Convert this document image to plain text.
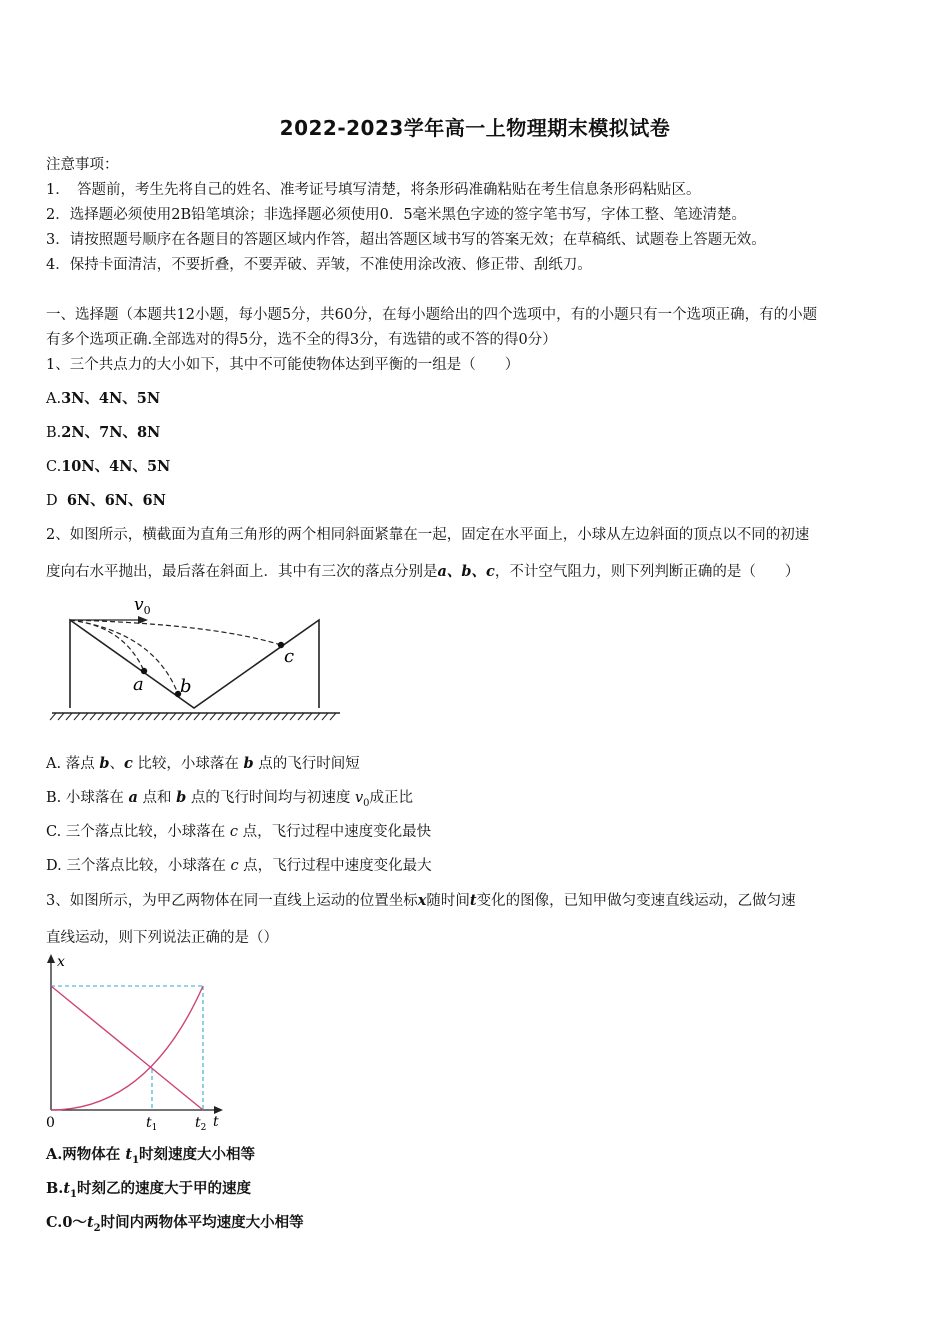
2022-2023学年高一上物理期末模拟试卷
注意事项：
1．　答题前，考生先将自己的姓名、准考证号填写清楚，将条形码准确粘贴在考生信息条形码粘贴区。
2．选择题必须使用2B铅笔填涂；非选择题必须使用0．5毫米黑色字迹的签字笔书写，字体工整、笔迹清楚。
3．请按照题号顺序在各题目的答题区域内作答，超出答题区域书写的答案无效；在草稿纸、试题卷上答题无效。
4．保持卡面清洁，不要折叠，不要弄破、弄皱，不准使用涂改液、修正带、刮纸刀。
一、选择题（本题共12小题，每小题5分，共60分，在每小题给出的四个选项中，有的小题只有一个选项正确，有的小题
有多个选项正确.全部选对的得5分，选不全的得3分，有选错的或不答的得0分）
1、三个共点力的大小如下，其中不可能使物体达到平衡的一组是（　　）
A.3N、4N、5N
B.2N、7N、8N
C.10N、4N、5N
D 6N、6N、6N
2、如图所示，横截面为直角三角形的两个相同斜面紧靠在一起，固定在水平面上，小球从左边斜面的顶点以不同的初速
度向右水平抛出，最后落在斜面上．其中有三次的落点分别是a、b、c，不计空气阻力，则下列判断正确的是（　　）
$v_0$
a b
c
A. 落点 b、c 比较，小球落在 b 点的飞行时间短
B. 小球落在 a 点和 b 点的飞行时间均与初速度 $v_0$成正比
C. 三个落点比较，小球落在 c 点，飞行过程中速度变化最快
D. 三个落点比较，小球落在 c 点，飞行过程中速度变化最大
3、如图所示，为甲乙两物体在同一直线上运动的位置坐标x随时间t变化的图像，已知甲做匀变速直线运动，乙做匀速
直线运动，则下列说法正确的是（）
x
t
0	$t_1$	$t_2$
A.两物体在 $t_1$时刻速度大小相等
$B.t_1$时刻乙的速度大于甲的速度
$C.0\sim t_2$时间内两物体平均速度大小相等
